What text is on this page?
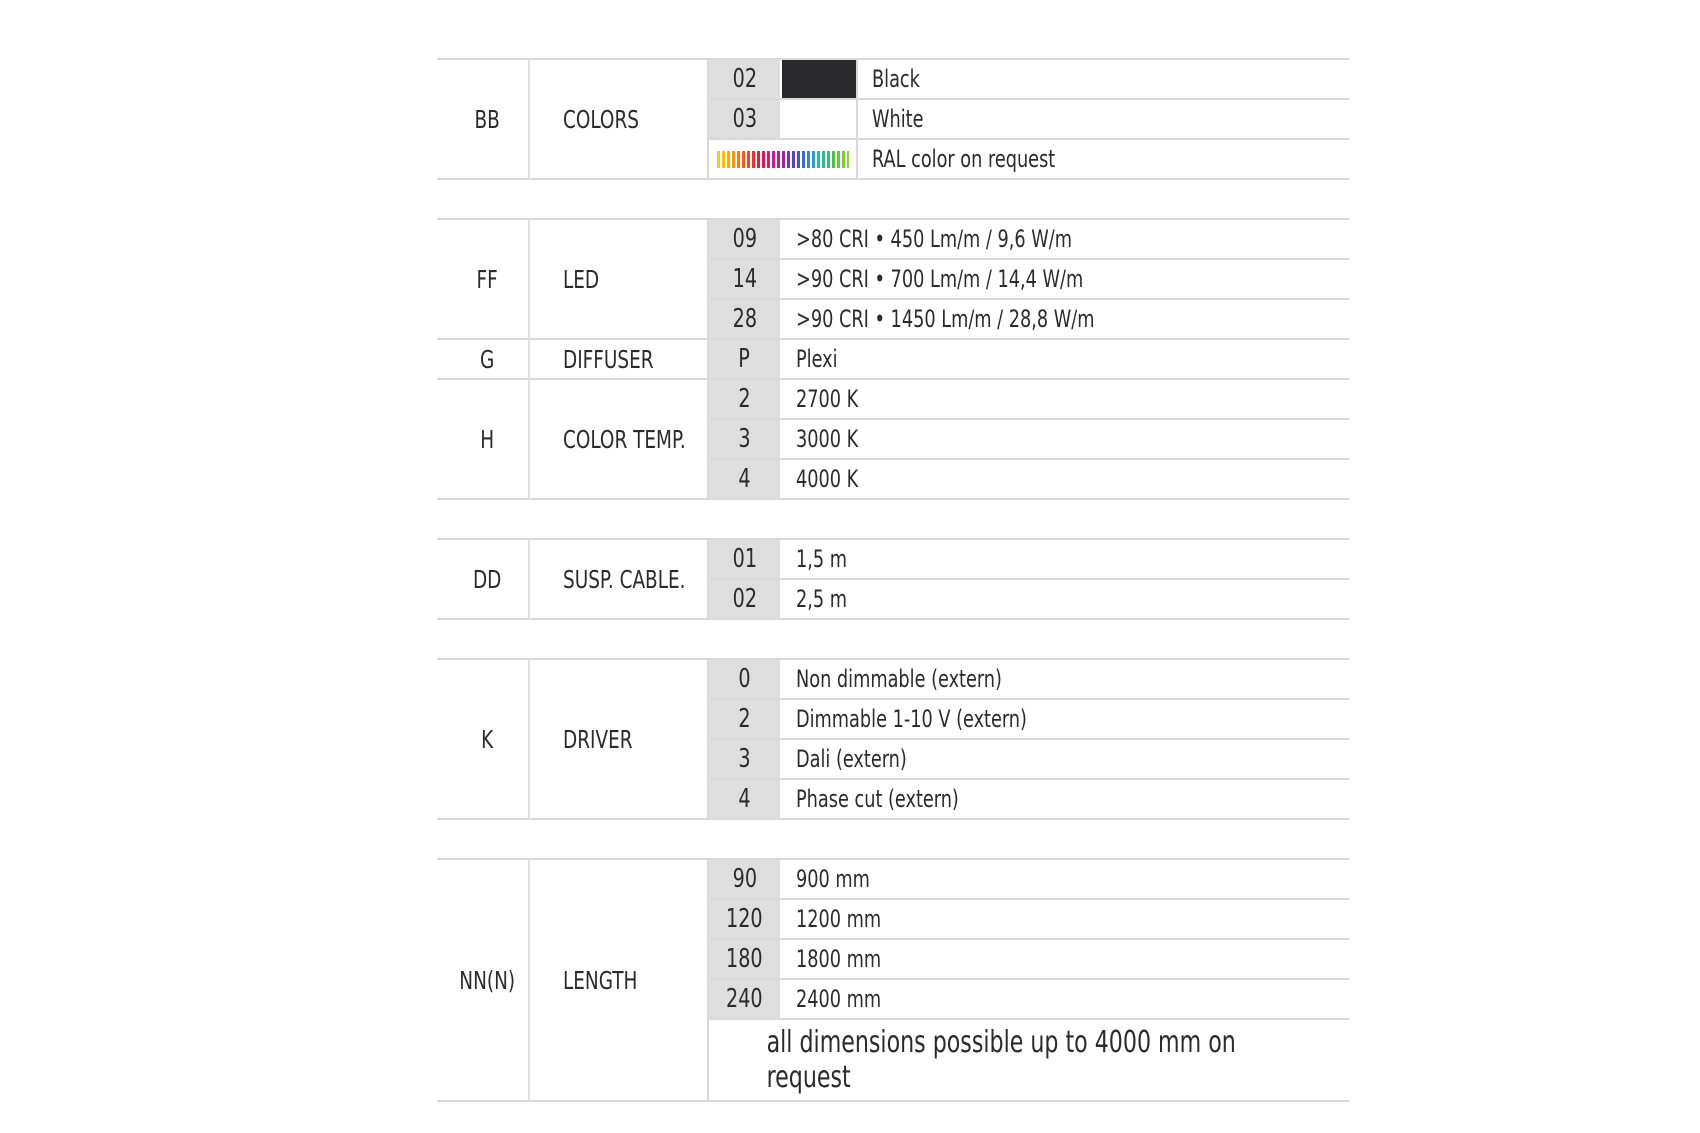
BB	COLORS
02	Black
03	White
RAL color on request
FF	LED
09 >80 CRI • 450 Lm/m / 9,6 W/m
14 >90 CRI • 700 Lm/m / 14,4 W/m
28 >90 CRI • 1450 Lm/m / 28,8 W/m
G	DIFFUSER	P Plexi
H	COLOR TEMP.
2 2700 K
3 3000 K
4 4000 K
DD	SUSP. CABLE.
01 1,5 m
02 2,5 m
K	DRIVER
0 Non dimmable (extern)
2 Dimmable 1-10 V (extern)
3 Dali (extern)
4 Phase cut (extern)
NN(N)	LENGTH
90 900 mm
120 1200 mm
180 1800 mm
240 2400 mm
all dimensions possible up to 4000 mm on request
